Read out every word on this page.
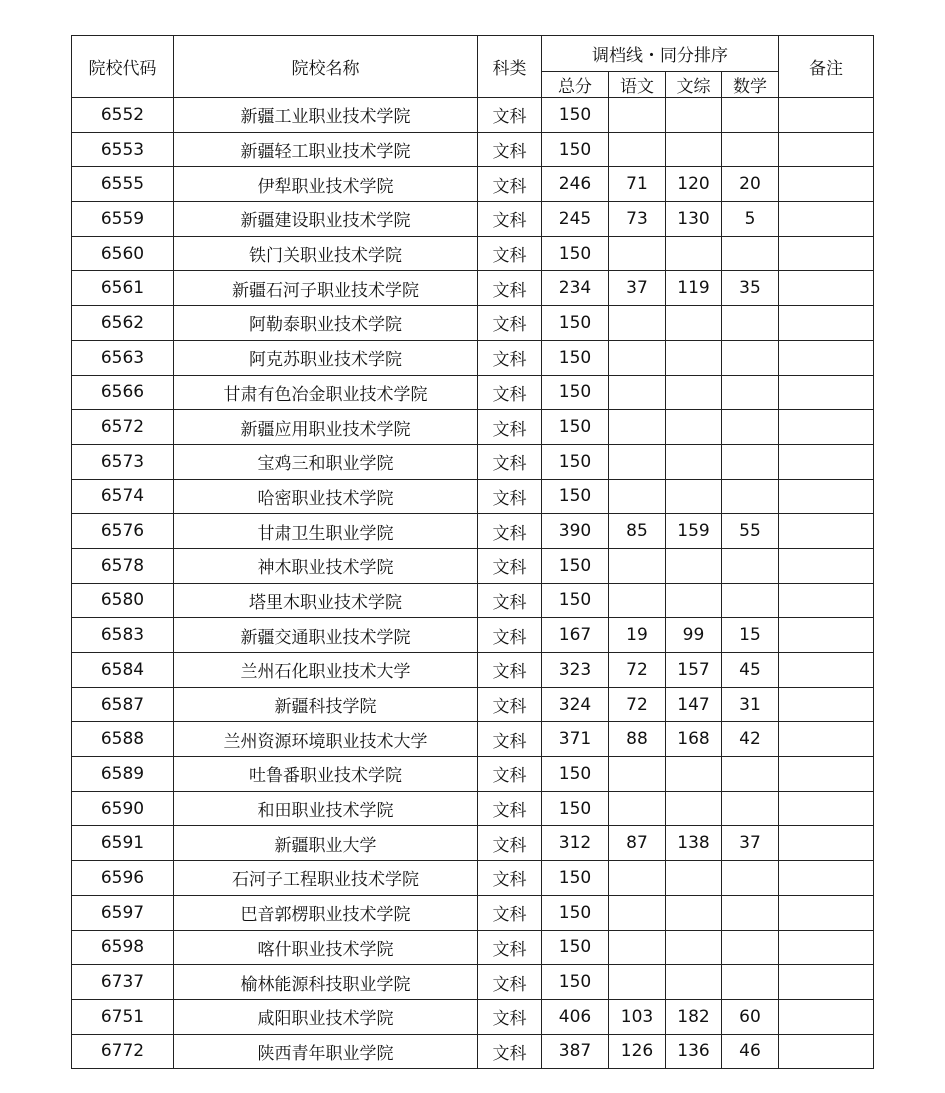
院校代码	院校名称	科类	调档线・同分排序				备注
			总分	语文	文综	数学	
6552	新疆工业职业技术学院	文科	150				
6553	新疆轻工职业技术学院	文科	150				
6555	伊犁职业技术学院	文科	246	71	120	20	
6559	新疆建设职业技术学院	文科	245	73	130	5	
6560	铁门关职业技术学院	文科	150				
6561	新疆石河子职业技术学院	文科	234	37	119	35	
6562	阿勒泰职业技术学院	文科	150				
6563	阿克苏职业技术学院	文科	150				
6566	甘肃有色冶金职业技术学院	文科	150				
6572	新疆应用职业技术学院	文科	150				
6573	宝鸡三和职业学院	文科	150				
6574	哈密职业技术学院	文科	150				
6576	甘肃卫生职业学院	文科	390	85	159	55	
6578	神木职业技术学院	文科	150				
6580	塔里木职业技术学院	文科	150				
6583	新疆交通职业技术学院	文科	167	19	99	15	
6584	兰州石化职业技术大学	文科	323	72	157	45	
6587	新疆科技学院	文科	324	72	147	31	
6588	兰州资源环境职业技术大学	文科	371	88	168	42	
6589	吐鲁番职业技术学院	文科	150				
6590	和田职业技术学院	文科	150				
6591	新疆职业大学	文科	312	87	138	37	
6596	石河子工程职业技术学院	文科	150				
6597	巴音郭楞职业技术学院	文科	150				
6598	喀什职业技术学院	文科	150				
6737	榆林能源科技职业学院	文科	150				
6751	咸阳职业技术学院	文科	406	103	182	60	
6772	陕西青年职业学院	文科	387	126	136	46	
